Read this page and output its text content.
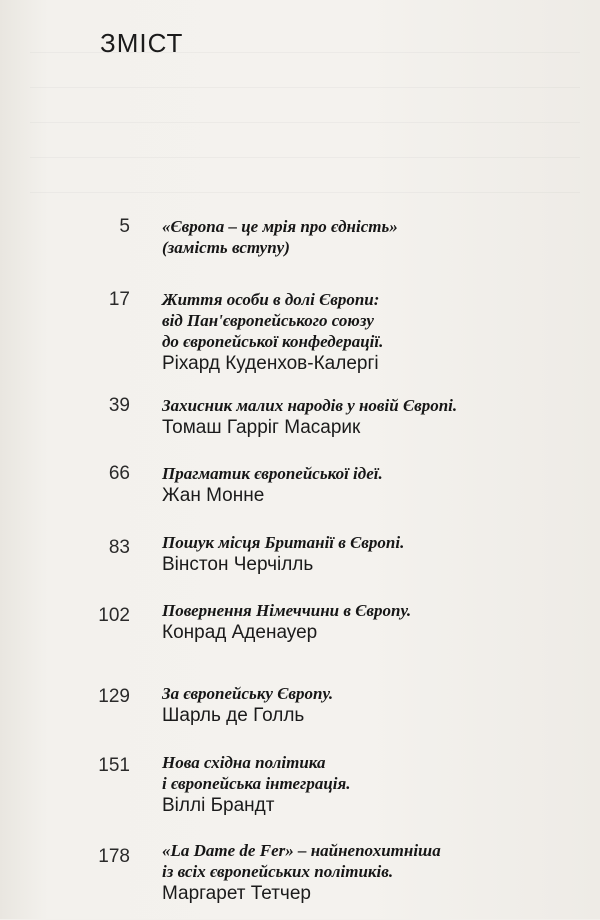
ЗМІСТ
5 «Європа – це мрія про єдність»
(замість вступу)
17 Життя особи в долі Європи:
від Пан'європейського союзу
до європейської конфедерації.
Ріхард Куденхов-Калергі
39 Захисник малих народів у новій Європі.
Томаш Гарріг Масарик
66 Прагматик європейської ідеї.
Жан Монне
83 Пошук місця Британії в Європі.
Вінстон Черчілль
102 Повернення Німеччини в Європу.
Конрад Аденауер
129 За європейську Європу.
Шарль де Голль
151 Нова східна політика
і європейська інтеграція.
Віллі Брандт
178 «La Dame de Fer» – найнепохитніша
із всіх європейських політиків.
Маргарет Тетчер
